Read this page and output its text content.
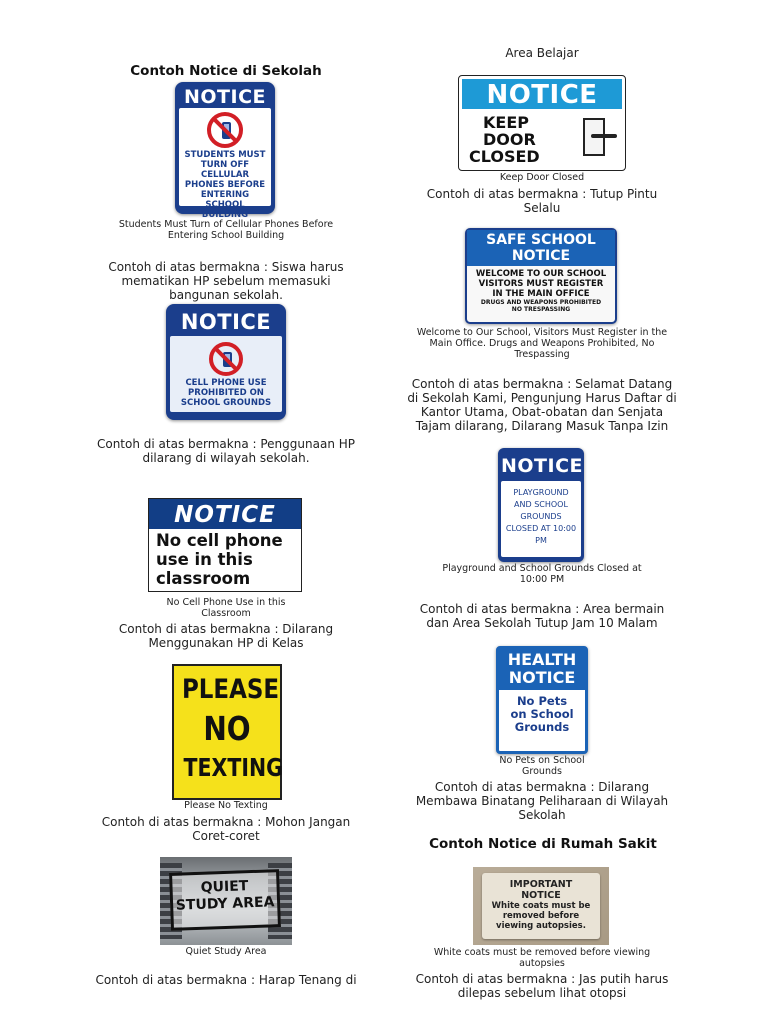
Contoh Notice di Sekolah
NOTICE
STUDENTS MUST TURN OFF CELLULAR PHONES BEFORE ENTERING SCHOOL BUILDING
Students Must Turn of Cellular Phones Before Entering School Building
Contoh di atas bermakna : Siswa harus mematikan HP sebelum memasuki bangunan sekolah.
NOTICE
CELL PHONE USE PROHIBITED ON SCHOOL GROUNDS
Contoh di atas bermakna : Penggunaan HP dilarang di wilayah sekolah.
NOTICE
No cell phone use in this classroom
No Cell Phone Use in this Classroom
Contoh di atas bermakna : Dilarang Menggunakan HP di Kelas
PLEASE
NO
TEXTING
Please No Texting
Contoh di atas bermakna : Mohon Jangan Coret-coret
QUIET
STUDY AREA
Quiet Study Area
Contoh di atas bermakna : Harap Tenang di
Area Belajar
NOTICE
KEEP
DOOR
CLOSED
Keep Door Closed
Contoh di atas bermakna : Tutup Pintu Selalu
SAFE SCHOOL
NOTICE
WELCOME TO OUR SCHOOL
VISITORS MUST REGISTER
IN THE MAIN OFFICE
DRUGS AND WEAPONS PROHIBITED
NO TRESPASSING
Welcome to Our School, Visitors Must Register in the Main Office. Drugs and Weapons Prohibited, No Trespassing
Contoh di atas bermakna : Selamat Datang di Sekolah Kami, Pengunjung Harus Daftar di Kantor Utama, Obat-obatan dan Senjata Tajam dilarang, Dilarang Masuk Tanpa Izin
NOTICE
PLAYGROUND AND SCHOOL GROUNDS CLOSED AT 10:00 PM
Playground and School Grounds Closed at 10:00 PM
Contoh di atas bermakna : Area bermain dan Area Sekolah Tutup Jam 10 Malam
HEALTH
NOTICE
No Pets on School Grounds
No Pets on School Grounds
Contoh di atas bermakna : Dilarang Membawa Binatang Peliharaan di Wilayah Sekolah
Contoh Notice di Rumah Sakit
IMPORTANT
NOTICE
White coats must be removed before viewing autopsies.
White coats must be removed before viewing autopsies
Contoh di atas bermakna : Jas putih harus dilepas sebelum lihat otopsi
